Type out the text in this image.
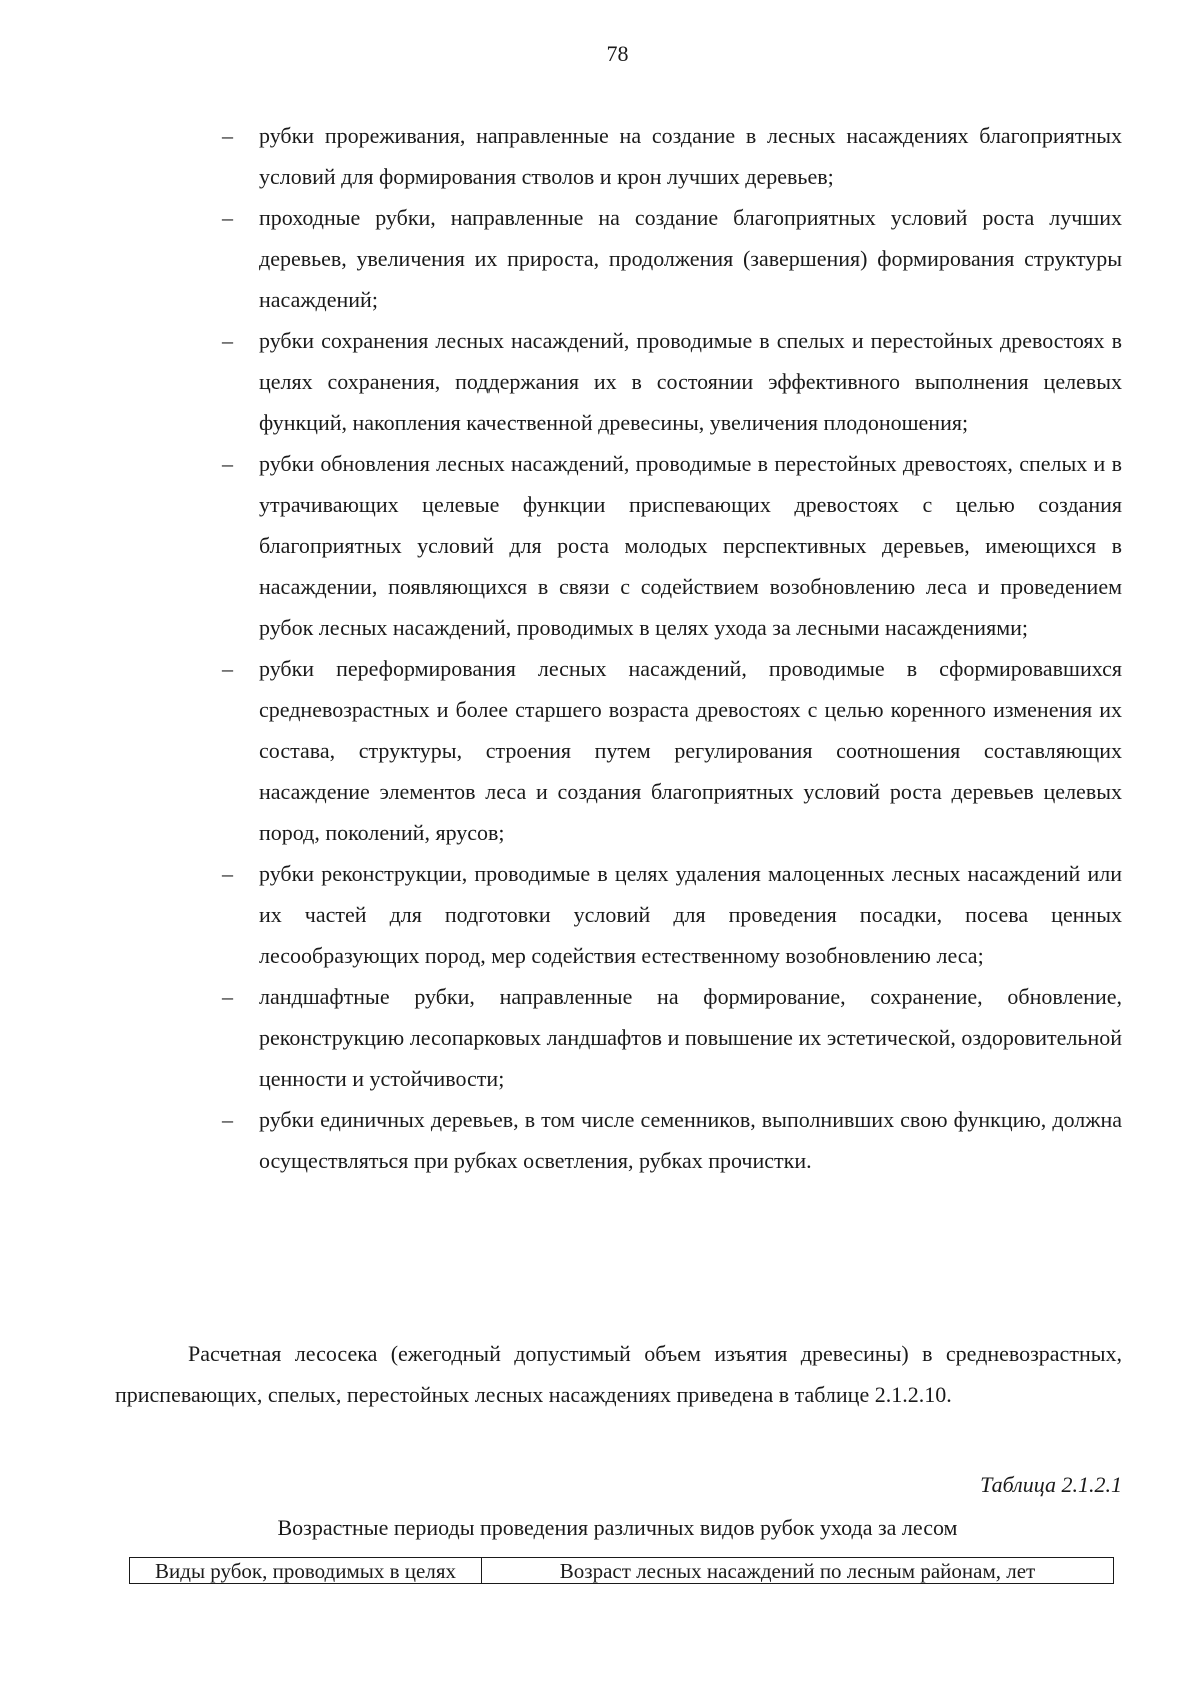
78
–	рубки прореживания, направленные на создание в лесных насаждениях благоприятных условий для формирования стволов и крон лучших деревьев;
–	проходные рубки, направленные на создание благоприятных условий роста лучших деревьев, увеличения их прироста, продолжения (завершения) формирования структуры насаждений;
–	рубки сохранения лесных насаждений, проводимые в спелых и перестойных древостоях в целях сохранения, поддержания их в состоянии эффективного выполнения целевых функций, накопления качественной древесины, увеличения плодоношения;
–	рубки обновления лесных насаждений, проводимые в перестойных древостоях, спелых и в утрачивающих целевые функции приспевающих древостоях с целью создания благоприятных условий для роста молодых перспективных деревьев, имеющихся в насаждении, появляющихся в связи с содействием возобновлению леса и проведением рубок лесных насаждений, проводимых в целях ухода за лесными насаждениями;
–	рубки переформирования лесных насаждений, проводимые в сформировавшихся средневозрастных и более старшего возраста древостоях с целью коренного изменения их состава, структуры, строения путем регулирования соотношения составляющих насаждение элементов леса и создания благоприятных условий роста деревьев целевых пород, поколений, ярусов;
–	рубки реконструкции, проводимые в целях удаления малоценных лесных насаждений или их частей для подготовки условий для проведения посадки, посева ценных лесообразующих пород, мер содействия естественному возобновлению леса;
–	ландшафтные рубки, направленные на формирование, сохранение, обновление, реконструкцию лесопарковых ландшафтов и повышение их эстетической, оздоровительной ценности и устойчивости;
–	рубки единичных деревьев, в том числе семенников, выполнивших свою функцию, должна осуществляться при рубках осветления, рубках прочистки.

Расчетная лесосека (ежегодный допустимый объем изъятия древесины) в средневозрастных, приспевающих, спелых, перестойных лесных насаждениях приведена в таблице 2.1.2.10.

Таблица 2.1.2.1
Возрастные периоды проведения различных видов рубок ухода за лесом
Виды рубок, проводимых в целях	Возраст лесных насаждений по лесным районам, лет
